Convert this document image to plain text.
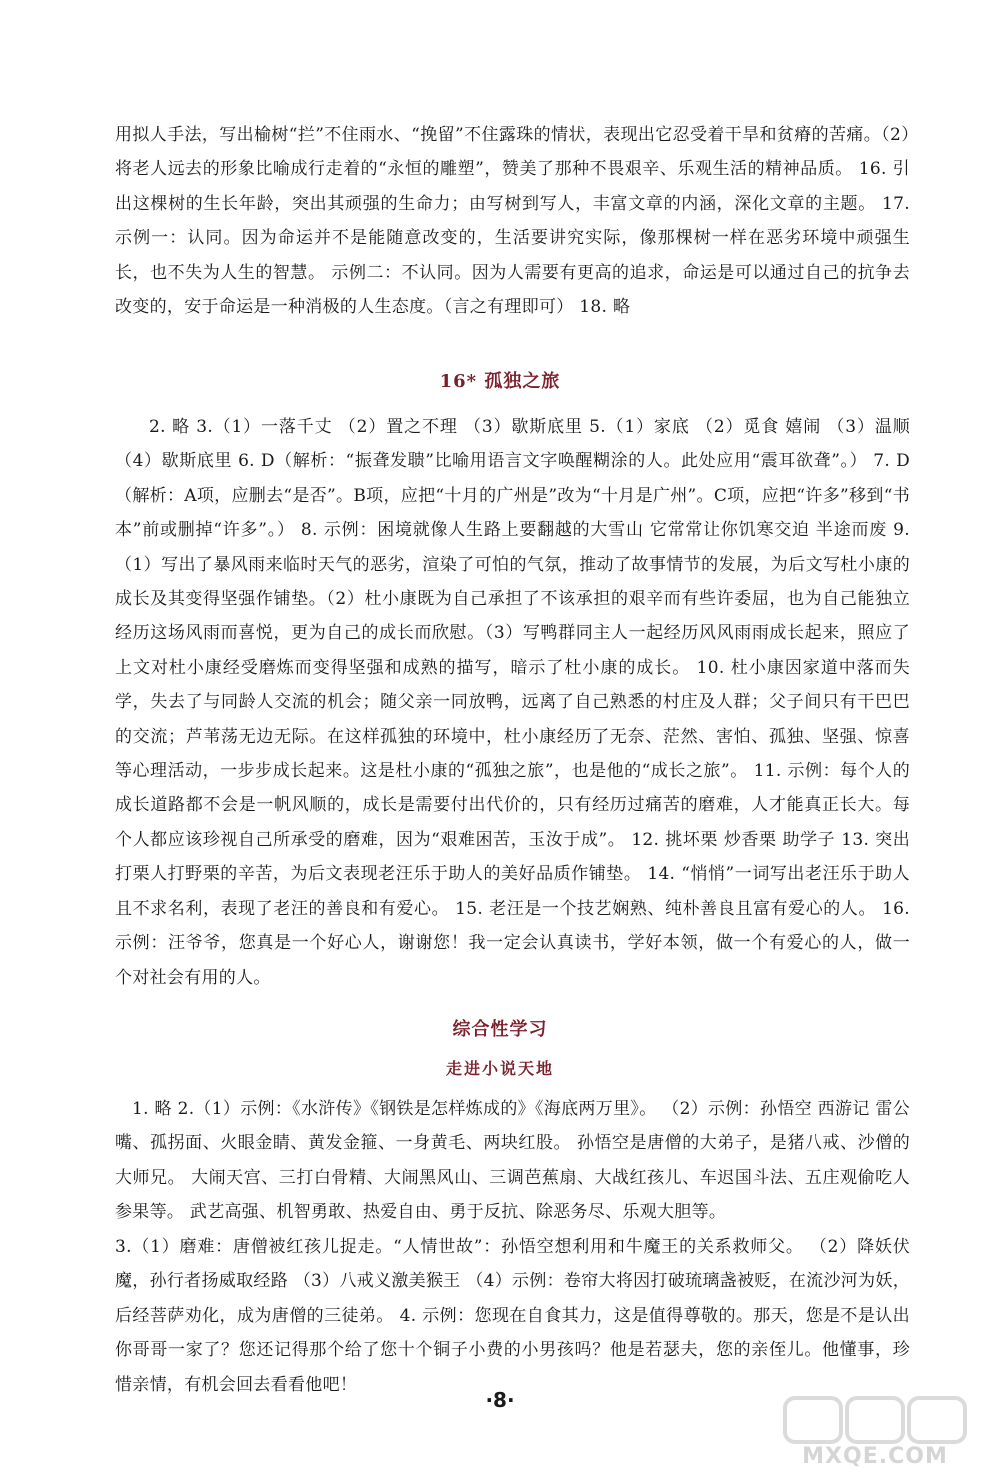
用拟人手法，写出榆树“拦”不住雨水、“挽留”不住露珠的情状，表现出它忍受着干旱和贫瘠的苦痛。（2）将老人远去的形象比喻成行走着的“永恒的雕塑”，赞美了那种不畏艰辛、乐观生活的精神品质。 16. 引出这棵树的生长年龄，突出其顽强的生命力；由写树到写人，丰富文章的内涵，深化文章的主题。 17. 示例一：认同。因为命运并不是能随意改变的，生活要讲究实际，像那棵树一样在恶劣环境中顽强生长，也不失为人生的智慧。 示例二：不认同。因为人需要有更高的追求，命运是可以通过自己的抗争去改变的，安于命运是一种消极的人生态度。（言之有理即可） 18. 略

16* 孤独之旅

2. 略 3.（1）一落千丈 （2）置之不理 （3）歇斯底里 5.（1）家底 （2）觅食 嬉闹 （3）温顺 （4）歇斯底里 6. D（解析：“振聋发聩”比喻用语言文字唤醒糊涂的人。此处应用“震耳欲聋”。） 7. D（解析：A项，应删去“是否”。B项，应把“十月的广州是”改为“十月是广州”。C项，应把“许多”移到“书本”前或删掉“许多”。） 8. 示例：困境就像人生路上要翻越的大雪山 它常常让你饥寒交迫 半途而废 9.（1）写出了暴风雨来临时天气的恶劣，渲染了可怕的气氛，推动了故事情节的发展，为后文写杜小康的成长及其变得坚强作铺垫。（2）杜小康既为自己承担了不该承担的艰辛而有些许委屈，也为自己能独立经历这场风雨而喜悦，更为自己的成长而欣慰。（3）写鸭群同主人一起经历风风雨雨成长起来，照应了上文对杜小康经受磨炼而变得坚强和成熟的描写，暗示了杜小康的成长。 10. 杜小康因家道中落而失学，失去了与同龄人交流的机会；随父亲一同放鸭，远离了自己熟悉的村庄及人群；父子间只有干巴巴的交流；芦苇荡无边无际。在这样孤独的环境中，杜小康经历了无奈、茫然、害怕、孤独、坚强、惊喜等心理活动，一步步成长起来。这是杜小康的“孤独之旅”，也是他的“成长之旅”。 11. 示例：每个人的成长道路都不会是一帆风顺的，成长是需要付出代价的，只有经历过痛苦的磨难，人才能真正长大。每个人都应该珍视自己所承受的磨难，因为“艰难困苦，玉汝于成”。 12. 挑坏栗 炒香栗 助学子 13. 突出打栗人打野栗的辛苦，为后文表现老汪乐于助人的美好品质作铺垫。 14. “悄悄”一词写出老汪乐于助人且不求名利，表现了老汪的善良和有爱心。 15. 老汪是一个技艺娴熟、纯朴善良且富有爱心的人。 16. 示例：汪爷爷，您真是一个好心人，谢谢您！我一定会认真读书，学好本领，做一个有爱心的人，做一个对社会有用的人。

综合性学习
走进小说天地

1. 略 2.（1）示例：《水浒传》《钢铁是怎样炼成的》《海底两万里》。 （2）示例：孙悟空 西游记 雷公嘴、孤拐面、火眼金睛、黄发金箍、一身黄毛、两块红股。 孙悟空是唐僧的大弟子，是猪八戒、沙僧的大师兄。 大闹天宫、三打白骨精、大闹黑风山、三调芭蕉扇、大战红孩儿、车迟国斗法、五庄观偷吃人参果等。 武艺高强、机智勇敢、热爱自由、勇于反抗、除恶务尽、乐观大胆等。

3.（1）磨难：唐僧被红孩儿捉走。“人情世故”：孙悟空想利用和牛魔王的关系救师父。 （2）降妖伏魔，孙行者扬威取经路 （3）八戒义激美猴王 （4）示例：卷帘大将因打破琉璃盏被贬，在流沙河为妖，后经菩萨劝化，成为唐僧的三徒弟。 4. 示例：您现在自食其力，这是值得尊敬的。那天，您是不是认出你哥哥一家了？您还记得那个给了您十个铜子小费的小男孩吗？他是若瑟夫，您的亲侄儿。他懂事，珍惜亲情，有机会回去看看他吧！

·8·
MXQE.COM
